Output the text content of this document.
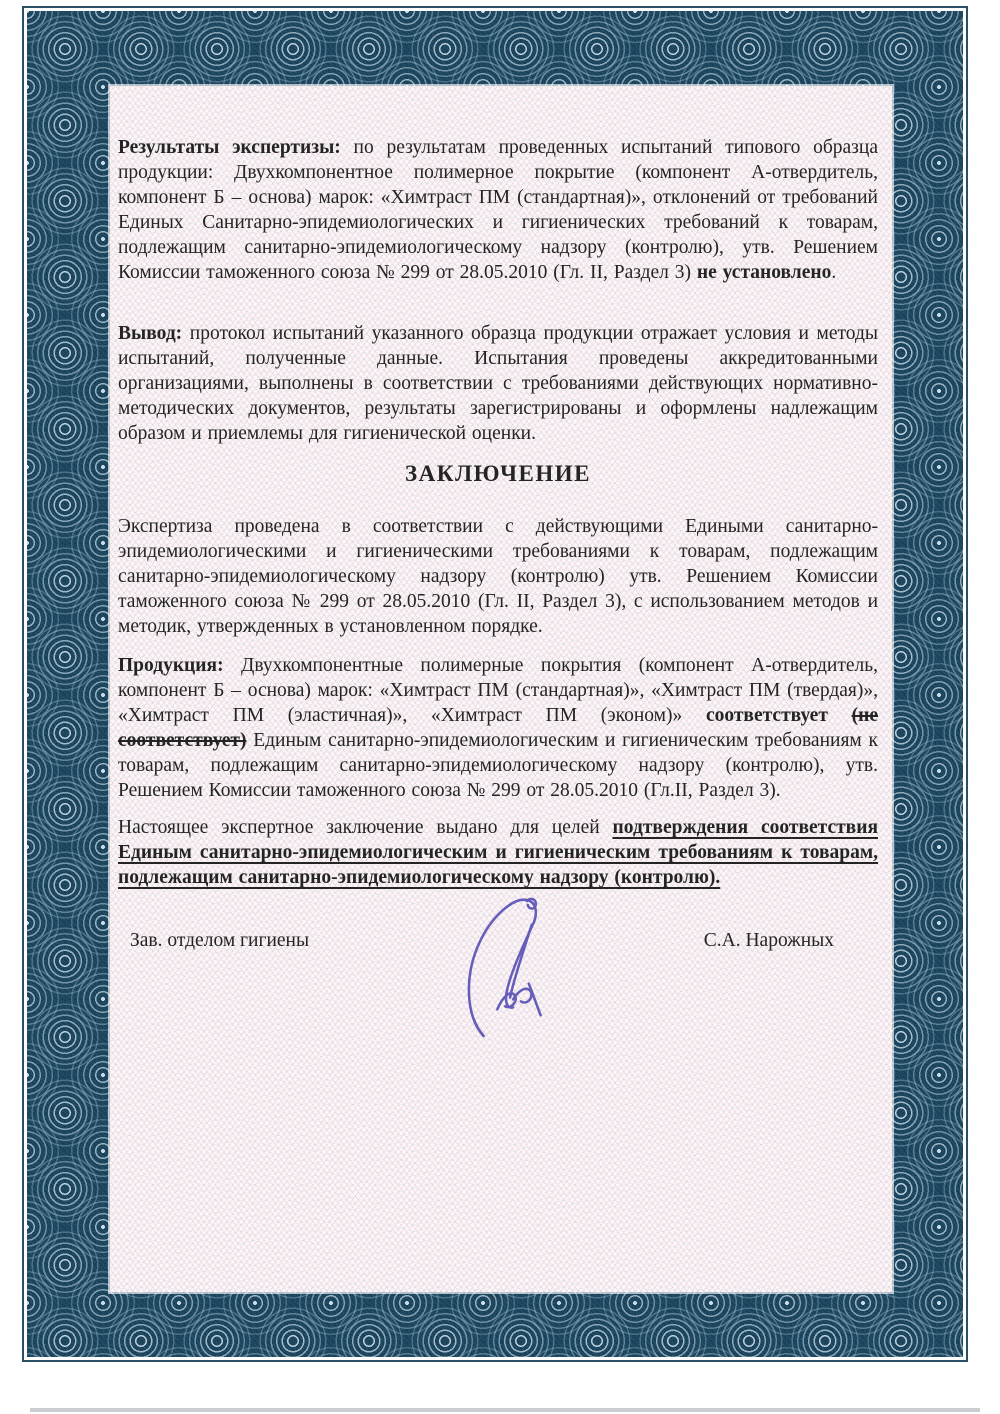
Результаты экспертизы: по результатам проведенных испытаний типового образца продукции: Двухкомпонентное полимерное покрытие (компонент А-отвердитель, компонент Б – основа) марок: «Химтраст ПМ (стандартная)», отклонений от требований Единых Санитарно-эпидемиологических и гигиенических требований к товарам, подлежащим санитарно-эпидемиологическому надзору (контролю), утв. Решением Комиссии таможенного союза № 299 от 28.05.2010 (Гл. II, Раздел 3) не установлено.

Вывод: протокол испытаний указанного образца продукции отражает условия и методы испытаний, полученные данные. Испытания проведены аккредитованными организациями, выполнены в соответствии с требованиями действующих нормативно-методических документов, результаты зарегистрированы и оформлены надлежащим образом и приемлемы для гигиенической оценки.

ЗАКЛЮЧЕНИЕ

Экспертиза проведена в соответствии с действующими Едиными санитарно-эпидемиологическими и гигиеническими требованиями к товарам, подлежащим санитарно-эпидемиологическому надзору (контролю) утв. Решением Комиссии таможенного союза № 299 от 28.05.2010 (Гл. II, Раздел 3), с использованием методов и методик, утвержденных в установленном порядке.

Продукция: Двухкомпонентные полимерные покрытия (компонент А-отвердитель, компонент Б – основа) марок: «Химтраст ПМ (стандартная)», «Химтраст ПМ (твердая)», «Химтраст ПМ (эластичная)», «Химтраст ПМ (эконом)» соответствует (не соответствует) Единым санитарно-эпидемиологическим и гигиеническим требованиям к товарам, подлежащим санитарно-эпидемиологическому надзору (контролю), утв. Решением Комиссии таможенного союза № 299 от 28.05.2010 (Гл.II, Раздел 3).

Настоящее экспертное заключение выдано для целей подтверждения соответствия Единым санитарно-эпидемиологическим и гигиеническим требованиям к товарам, подлежащим санитарно-эпидемиологическому надзору (контролю).

Зав. отделом гигиены	С.А. Нарожных
